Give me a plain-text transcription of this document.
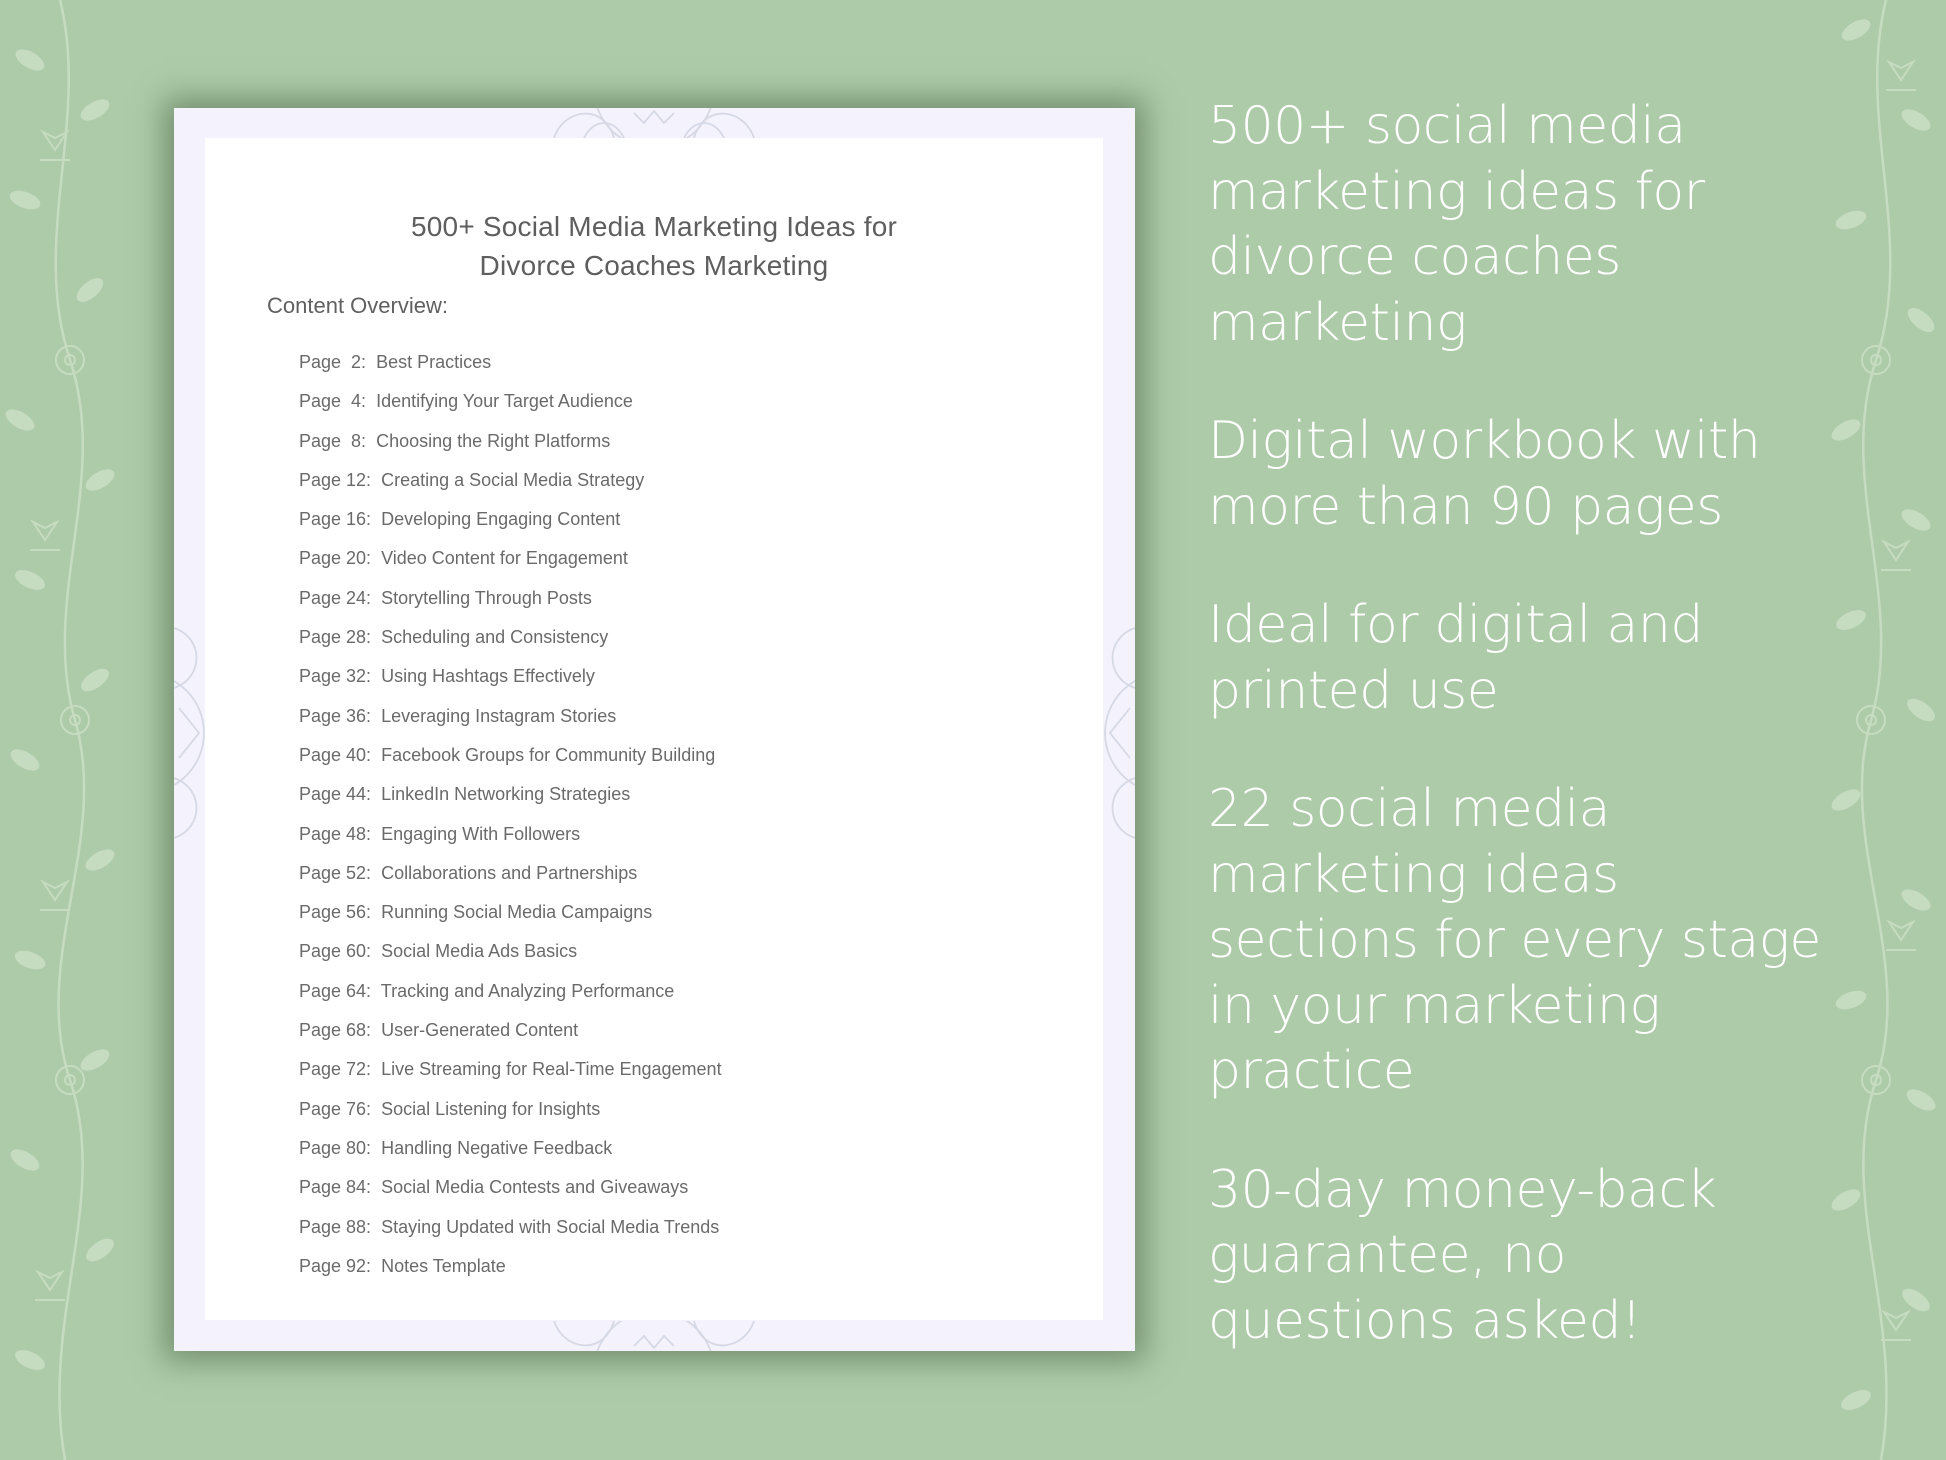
500+ Social Media Marketing Ideas for
Divorce Coaches Marketing
Content Overview:
Page  2: Best Practices
Page  4: Identifying Your Target Audience
Page  8: Choosing the Right Platforms
Page 12: Creating a Social Media Strategy
Page 16: Developing Engaging Content
Page 20: Video Content for Engagement
Page 24: Storytelling Through Posts
Page 28: Scheduling and Consistency
Page 32: Using Hashtags Effectively
Page 36: Leveraging Instagram Stories
Page 40: Facebook Groups for Community Building
Page 44: LinkedIn Networking Strategies
Page 48: Engaging With Followers
Page 52: Collaborations and Partnerships
Page 56: Running Social Media Campaigns
Page 60: Social Media Ads Basics
Page 64: Tracking and Analyzing Performance
Page 68: User-Generated Content
Page 72: Live Streaming for Real-Time Engagement
Page 76: Social Listening for Insights
Page 80: Handling Negative Feedback
Page 84: Social Media Contests and Giveaways
Page 88: Staying Updated with Social Media Trends
Page 92: Notes Template

500+ social media
marketing ideas for
divorce coaches
marketing

Digital workbook with
more than 90 pages

Ideal for digital and
printed use

22 social media
marketing ideas
sections for every stage
in your marketing
practice

30-day money-back
guarantee, no
questions asked!
